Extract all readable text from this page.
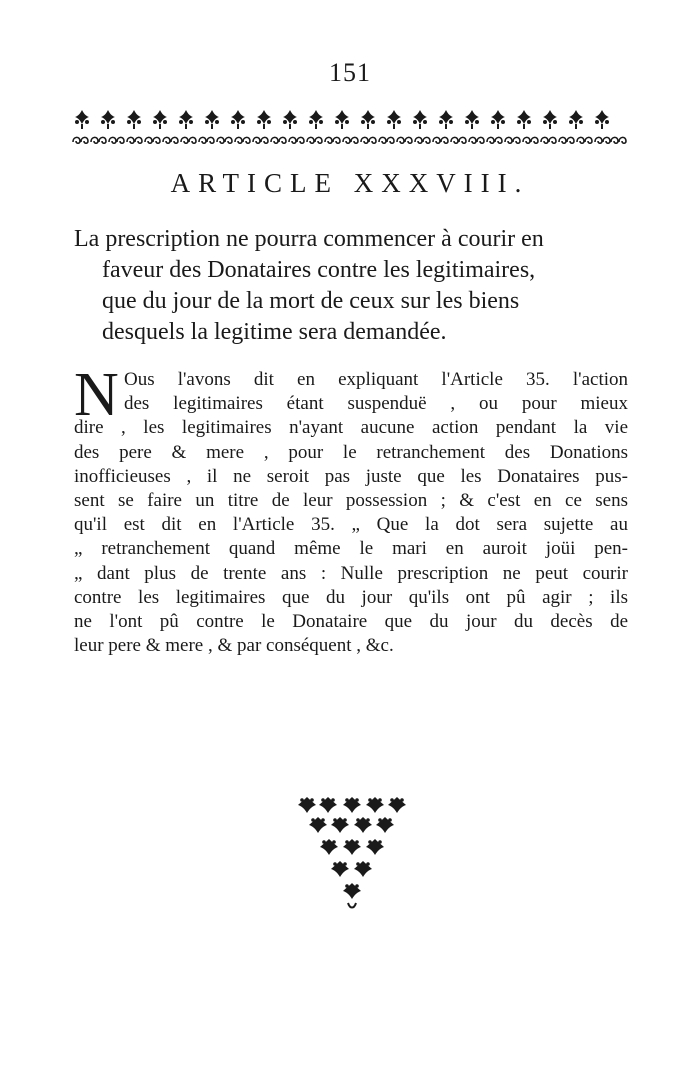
151
ARTICLE XXXVIII.
La prescription ne pourra commencer à courir en
faveur des Donataires contre les legitimaires,
que du jour de la mort de ceux sur les biens
desquels la legitime sera demandée.
N Ous l'avons dit en expliquant l'Article 35. l'action
des legitimaires étant suspenduë , ou pour mieux
dire , les legitimaires n'ayant aucune action pendant la vie
des pere & mere , pour le retranchement des Donations
inofficieuses , il ne seroit pas juste que les Donataires pus-
sent se faire un titre de leur possession ; & c'est en ce sens
qu'il est dit en l'Article 35. „ Que la dot sera sujette au
„ retranchement quand même le mari en auroit joüi pen-
„ dant plus de trente ans : Nulle prescription ne peut courir
contre les legitimaires que du jour qu'ils ont pû agir ; ils
ne l'ont pû contre le Donataire que du jour du decès de
leur pere & mere , & par conséquent , &c.
